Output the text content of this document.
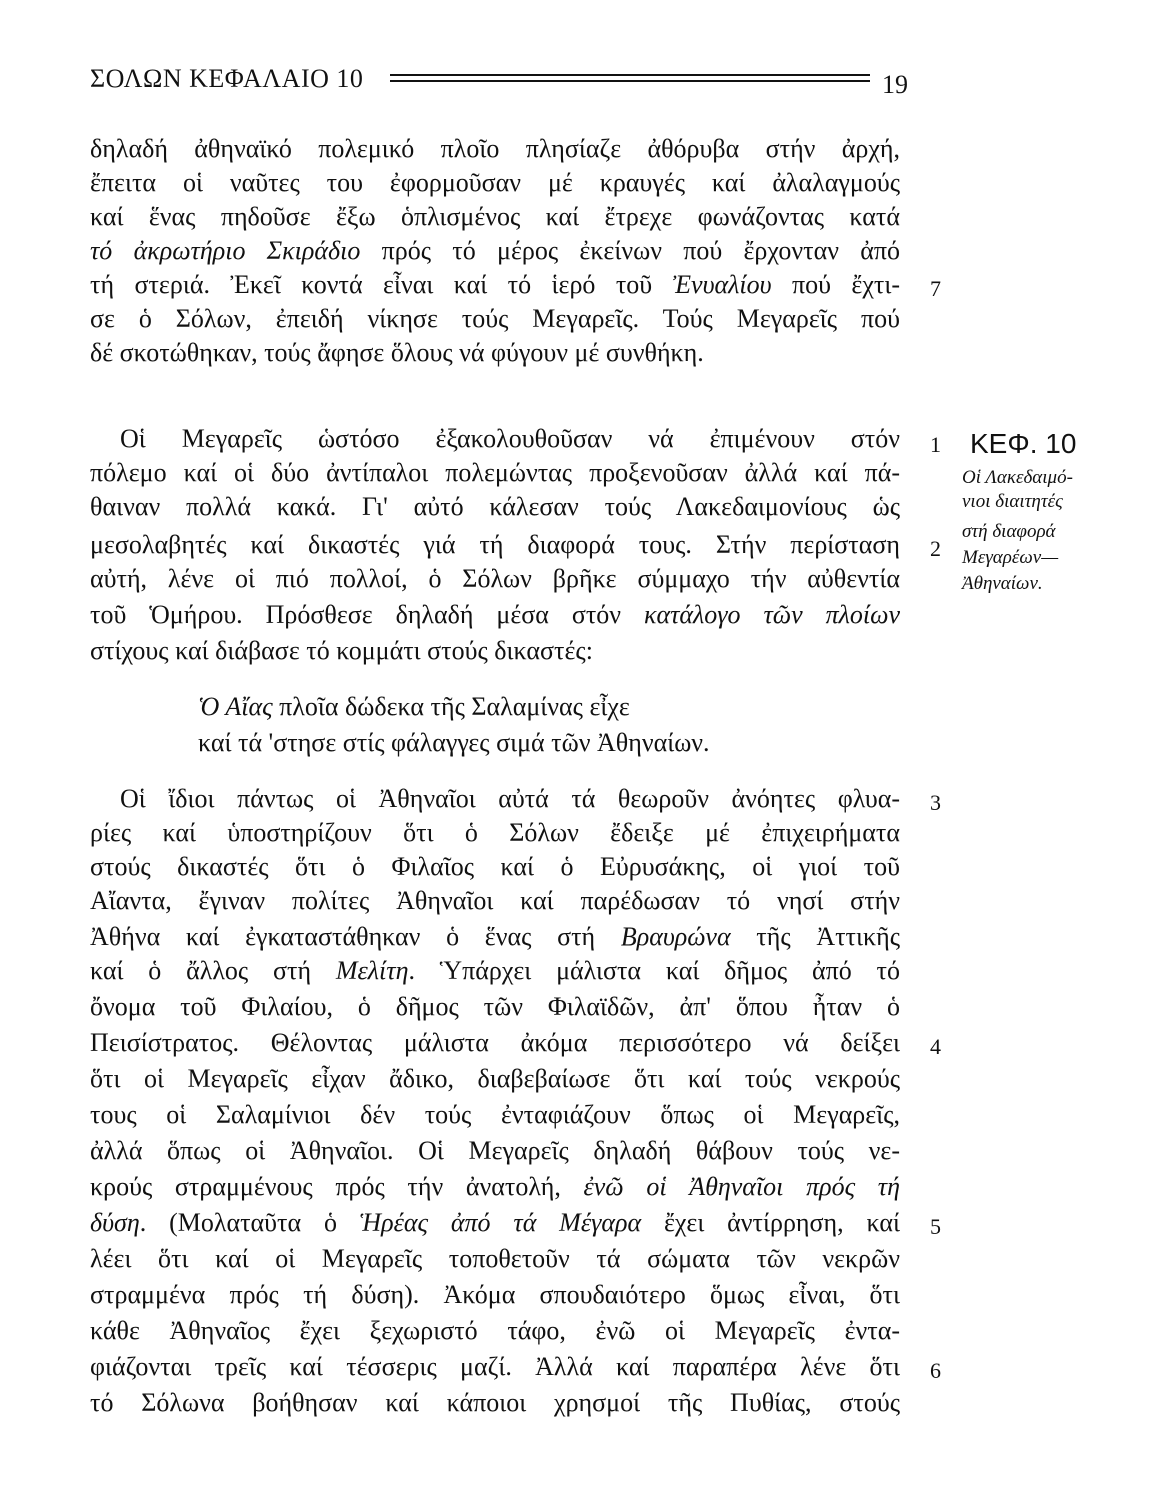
ΣΟΛΩΝ ΚΕΦΑΛΑΙΟ 10	19
δηλαδή ἀθηναϊκό πολεμικό πλοῖο πλησίαζε ἀθόρυβα στήν ἀρχή,
ἔπειτα οἱ ναῦτες του ἐφορμοῦσαν μέ κραυγές καί ἀλαλαγμούς
καί ἕνας πηδοῦσε ἔξω ὁπλισμένος καί ἔτρεχε φωνάζοντας κατά
τό ἀκρωτήριο Σκιράδιο πρός τό μέρος ἐκείνων πού ἔρχονταν ἀπό
τή στεριά. Ἐκεῖ κοντά εἶναι καί τό ἱερό τοῦ Ἐνυαλίου πού ἔχτι-
σε ὁ Σόλων, ἐπειδή νίκησε τούς Μεγαρεῖς. Τούς Μεγαρεῖς πού
δέ σκοτώθηκαν, τούς ἄφησε ὅλους νά φύγουν μέ συνθήκη.
Οἱ Μεγαρεῖς ὡστόσο ἐξακολουθοῦσαν νά ἐπιμένουν στόν
πόλεμο καί οἱ δύο ἀντίπαλοι πολεμώντας προξενοῦσαν ἀλλά καί πά-
θαιναν πολλά κακά. Γι' αὐτό κάλεσαν τούς Λακεδαιμονίους ὡς
μεσολαβητές καί δικαστές γιά τή διαφορά τους. Στήν περίσταση
αὐτή, λένε οἱ πιό πολλοί, ὁ Σόλων βρῆκε σύμμαχο τήν αὐθεντία
τοῦ Ὁμήρου. Πρόσθεσε δηλαδή μέσα στόν κατάλογο τῶν πλοίων
στίχους καί διάβασε τό κομμάτι στούς δικαστές:
Ὁ Αἴας πλοῖα δώδεκα τῆς Σαλαμίνας εἶχε
καί τά 'στησε στίς φάλαγγες σιμά τῶν Ἀθηναίων.
Οἱ ἴδιοι πάντως οἱ Ἀθηναῖοι αὐτά τά θεωροῦν ἀνόητες φλυα-
ρίες καί ὑποστηρίζουν ὅτι ὁ Σόλων ἔδειξε μέ ἐπιχειρήματα
στούς δικαστές ὅτι ὁ Φιλαῖος καί ὁ Εὐρυσάκης, οἱ γιοί τοῦ
Αἴαντα, ἔγιναν πολίτες Ἀθηναῖοι καί παρέδωσαν τό νησί στήν
Ἀθήνα καί ἐγκαταστάθηκαν ὁ ἕνας στή Βραυρώνα τῆς Ἀττικῆς
καί ὁ ἄλλος στή Μελίτη. Ὑπάρχει μάλιστα καί δῆμος ἀπό τό
ὄνομα τοῦ Φιλαίου, ὁ δῆμος τῶν Φιλαϊδῶν, ἀπ' ὅπου ἦταν ὁ
Πεισίστρατος. Θέλοντας μάλιστα ἀκόμα περισσότερο νά δείξει
ὅτι οἱ Μεγαρεῖς εἶχαν ἄδικο, διαβεβαίωσε ὅτι καί τούς νεκρούς
τους οἱ Σαλαμίνιοι δέν τούς ἐνταφιάζουν ὅπως οἱ Μεγαρεῖς,
ἀλλά ὅπως οἱ Ἀθηναῖοι. Οἱ Μεγαρεῖς δηλαδή θάβουν τούς νε-
κρούς στραμμένους πρός τήν ἀνατολή, ἐνῶ οἱ Ἀθηναῖοι πρός τή
δύση. (Μολαταῦτα ὁ Ἡρέας ἀπό τά Μέγαρα ἔχει ἀντίρρηση, καί
λέει ὅτι καί οἱ Μεγαρεῖς τοποθετοῦν τά σώματα τῶν νεκρῶν
στραμμένα πρός τή δύση). Ἀκόμα σπουδαιότερο ὅμως εἶναι, ὅτι
κάθε Ἀθηναῖος ἔχει ξεχωριστό τάφο, ἐνῶ οἱ Μεγαρεῖς ἐντα-
φιάζονται τρεῖς καί τέσσερις μαζί. Ἀλλά καί παραπέρα λένε ὅτι
τό Σόλωνα βοήθησαν καί κάποιοι χρησμοί τῆς Πυθίας, στούς
7
1
2
3
4
5
6
ΚΕΦ. 10
Οἱ Λακεδαιμό-
νιοι διαιτητές
στή διαφορά
Μεγαρέων—
Ἀθηναίων.
